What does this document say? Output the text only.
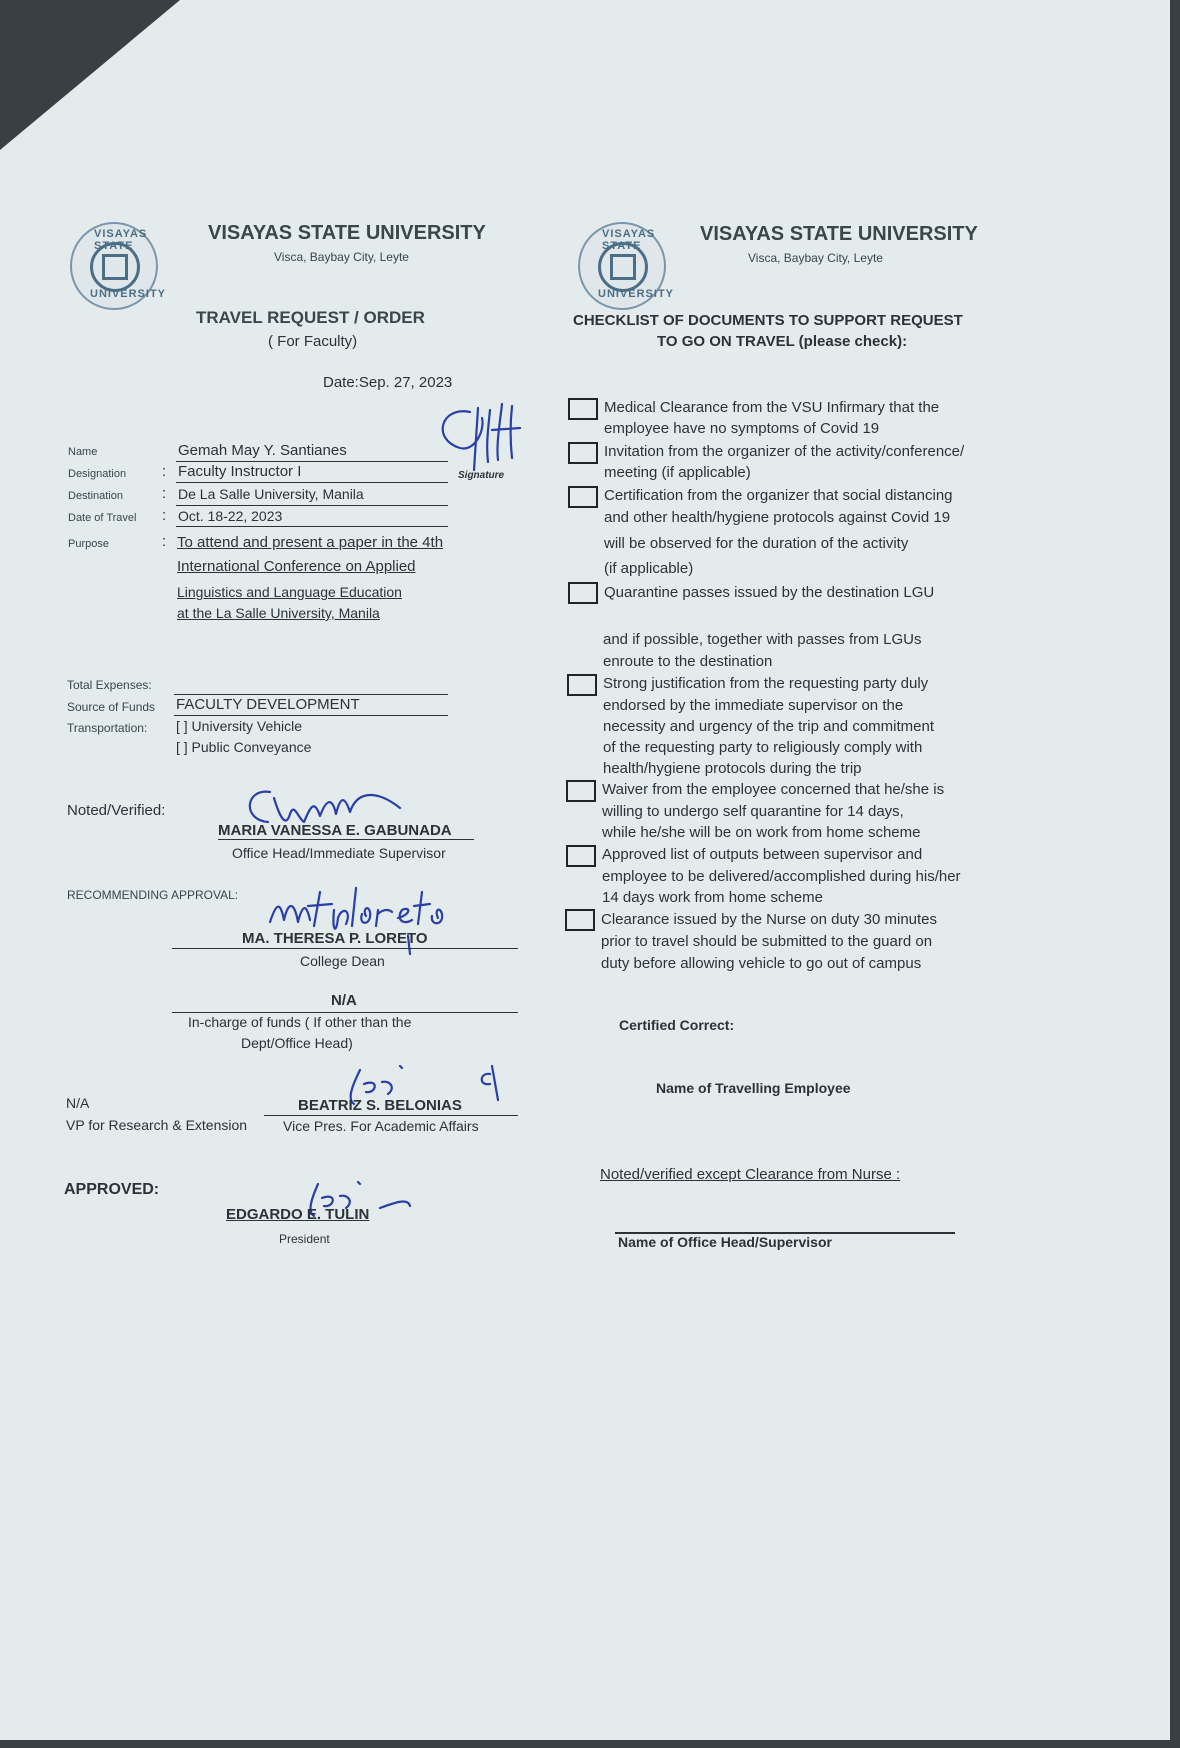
VISAYAS STATE
UNIVERSITY
VISAYAS STATE UNIVERSITY
Visca, Baybay City, Leyte
TRAVEL REQUEST / ORDER
( For Faculty)
Date:Sep. 27, 2023
Signature
Name	Gemah May Y. Santianes
Designation : Faculty Instructor I
Destination	: De La Salle University, Manila
Date of Travel : Oct. 18-22, 2023
Purpose	: To attend and present a paper in the 4th
International Conference on Applied
Linguistics and Language Education
at the La Salle University, Manila
Total Expenses:
Source of Funds FACULTY DEVELOPMENT
Transportation: [ ] University Vehicle
[ ] Public Conveyance
Noted/Verified:
MARIA VANESSA E. GABUNADA
Office Head/Immediate Supervisor
RECOMMENDING APPROVAL:
MA. THERESA P. LORETO
College Dean
N/A
In-charge of funds ( If other than the
Dept/Office Head)
N/A
VP for Research & Extension
BEATRIZ S. BELONIAS
Vice Pres. For Academic Affairs
APPROVED:
EDGARDO E. TULIN
President
VISAYAS STATE
UNIVERSITY
VISAYAS STATE UNIVERSITY
Visca, Baybay City, Leyte
CHECKLIST OF DOCUMENTS TO SUPPORT REQUEST
TO GO ON TRAVEL (please check):
Medical Clearance from the VSU Infirmary that the
employee have no symptoms of Covid 19
Invitation from the organizer of the activity/conference/
meeting (if applicable)
Certification from the organizer that social distancing
and other health/hygiene protocols against Covid 19
will be observed for the duration of the activity
(if applicable)
Quarantine passes issued by the destination LGU
and if possible, together with passes from LGUs
enroute to the destination
Strong justification from the requesting party duly
endorsed by the immediate supervisor on the
necessity and urgency of the trip and commitment
of the requesting party to religiously comply with
health/hygiene protocols during the trip
Waiver from the employee concerned that he/she is
willing to undergo self quarantine for 14 days,
while he/she will be on work from home scheme
Approved list of outputs between supervisor and
employee to be delivered/accomplished during his/her
14 days work from home scheme
Clearance issued by the Nurse on duty 30 minutes
prior to travel should be submitted to the guard on
duty before allowing vehicle to go out of campus
Certified Correct:
Name of Travelling Employee
Noted/verified except Clearance from Nurse :
Name of Office Head/Supervisor
